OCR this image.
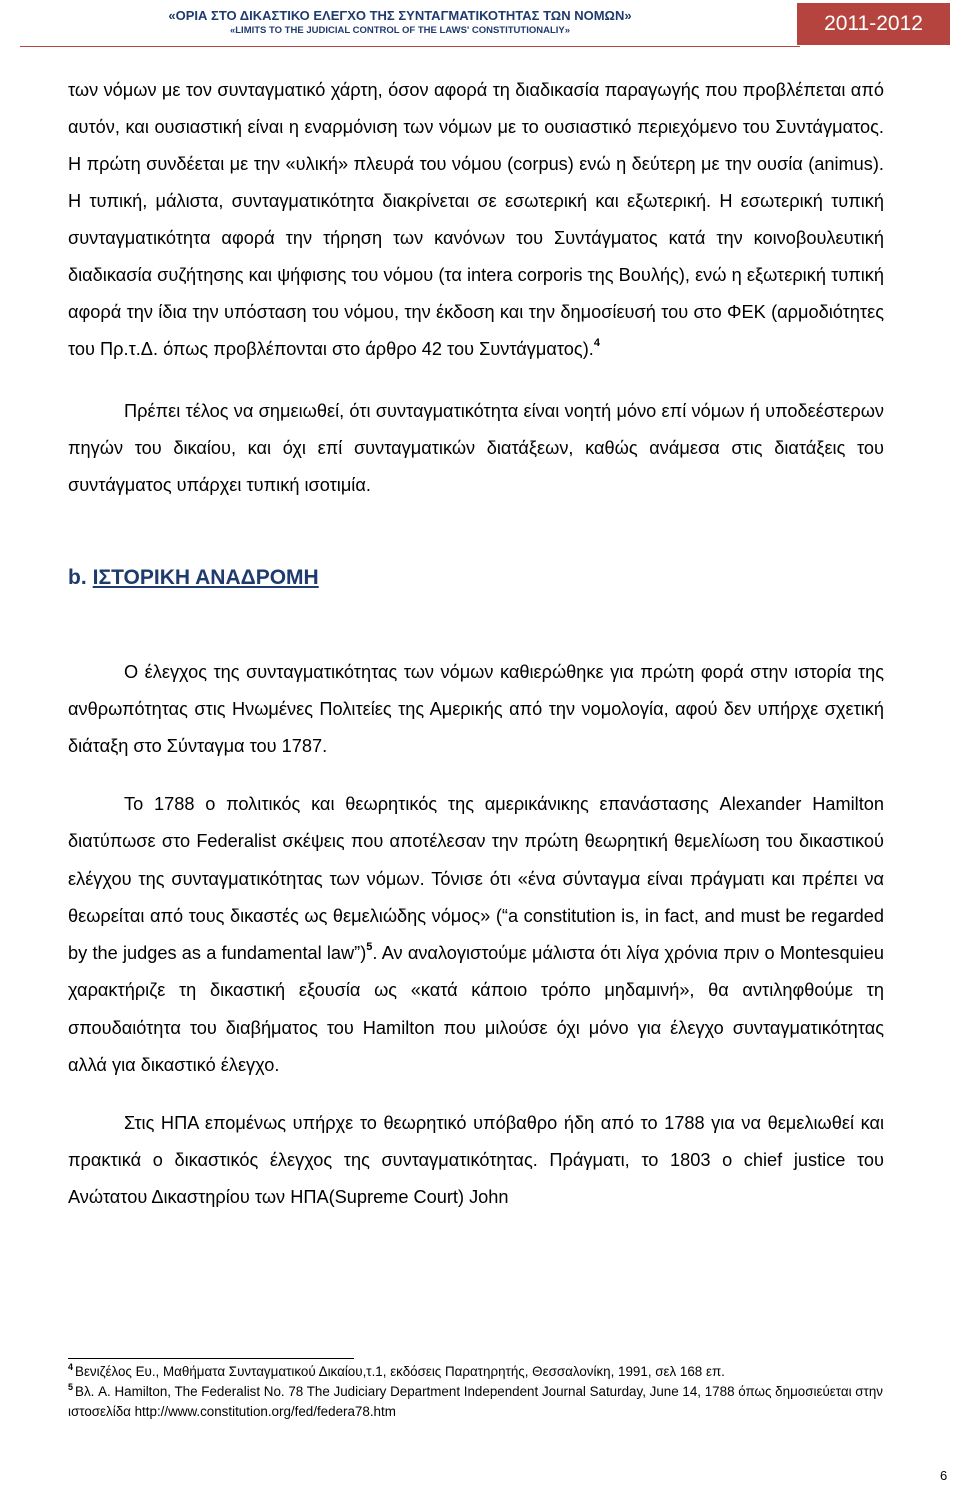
«ΟΡΙΑ ΣΤΟ ΔΙΚΑΣΤΙΚΟ ΕΛΕΓΧΟ ΤΗΣ ΣΥΝΤΑΓΜΑΤΙΚΟΤΗΤΑΣ ΤΩΝ ΝΟΜΩΝ»
«LIMITS TO THE JUDICIAL CONTROL OF THE LAWS' CONSTITUTIONALIY»	2011-2012

των νόμων με τον συνταγματικό χάρτη, όσον αφορά τη διαδικασία παραγωγής που προβλέπεται από αυτόν, και ουσιαστική είναι η εναρμόνιση των νόμων με το ουσιαστικό περιεχόμενο του Συντάγματος. Η πρώτη συνδέεται με την «υλική» πλευρά του νόμου (corpus) ενώ η δεύτερη με την ουσία (animus). Η τυπική, μάλιστα, συνταγματικότητα διακρίνεται σε εσωτερική και εξωτερική. Η εσωτερική τυπική συνταγματικότητα αφορά την τήρηση των κανόνων του Συντάγματος κατά την κοινοβουλευτική διαδικασία συζήτησης και ψήφισης του νόμου (τα intera corporis της Βουλής), ενώ η εξωτερική τυπική αφορά την ίδια την υπόσταση του νόμου, την έκδοση και την δημοσίευσή του στο ΦΕΚ (αρμοδιότητες του Πρ.τ.Δ. όπως προβλέπονται στο άρθρο 42 του Συντάγματος).$^4$

Πρέπει τέλος να σημειωθεί, ότι συνταγματικότητα είναι νοητή μόνο επί νόμων ή υποδεέστερων πηγών του δικαίου, και όχι επί συνταγματικών διατάξεων, καθώς ανάμεσα στις διατάξεις του συντάγματος υπάρχει τυπική ισοτιμία.

b. ΙΣΤΟΡΙΚΗ ΑΝΑΔΡΟΜΗ

Ο έλεγχος της συνταγματικότητας των νόμων καθιερώθηκε για πρώτη φορά στην ιστορία της ανθρωπότητας στις Ηνωμένες Πολιτείες της Αμερικής από την νομολογία, αφού δεν υπήρχε σχετική διάταξη στο Σύνταγμα του 1787.

Το 1788 ο πολιτικός και θεωρητικός της αμερικάνικης επανάστασης Alexander Hamilton διατύπωσε στο Federalist σκέψεις που αποτέλεσαν την πρώτη θεωρητική θεμελίωση του δικαστικού ελέγχου της συνταγματικότητας των νόμων. Τόνισε ότι «ένα σύνταγμα είναι πράγματι και πρέπει να θεωρείται από τους δικαστές ως θεμελιώδης νόμος» (“a constitution is, in fact, and must be regarded by the judges as a fundamental law”)$^5$. Αν αναλογιστούμε μάλιστα ότι λίγα χρόνια πριν ο Montesquieu χαρακτήριζε τη δικαστική εξουσία ως «κατά κάποιο τρόπο μηδαμινή», θα αντιληφθούμε τη σπουδαιότητα του διαβήματος του Hamilton που μιλούσε όχι μόνο για έλεγχο συνταγματικότητας αλλά για δικαστικό έλεγχο.

Στις ΗΠΑ επομένως υπήρχε το θεωρητικό υπόβαθρο ήδη από το 1788 για να θεμελιωθεί και πρακτικά ο δικαστικός έλεγχος της συνταγματικότητας. Πράγματι, το 1803 ο chief justice του Ανώτατου Δικαστηρίου των ΗΠΑ(Supreme Court) John

$^4$ Βενιζέλος Ευ., Μαθήματα Συνταγματικού Δικαίου,τ.1, εκδόσεις Παρατηρητής, Θεσσαλονίκη, 1991, σελ 168 επ.

$^5$ Βλ. A. Hamilton, The Federalist No. 78 The Judiciary Department Independent Journal Saturday, June 14, 1788 όπως δημοσιεύεται στην ιστοσελίδα http://www.constitution.org/fed/federa78.htm

6
